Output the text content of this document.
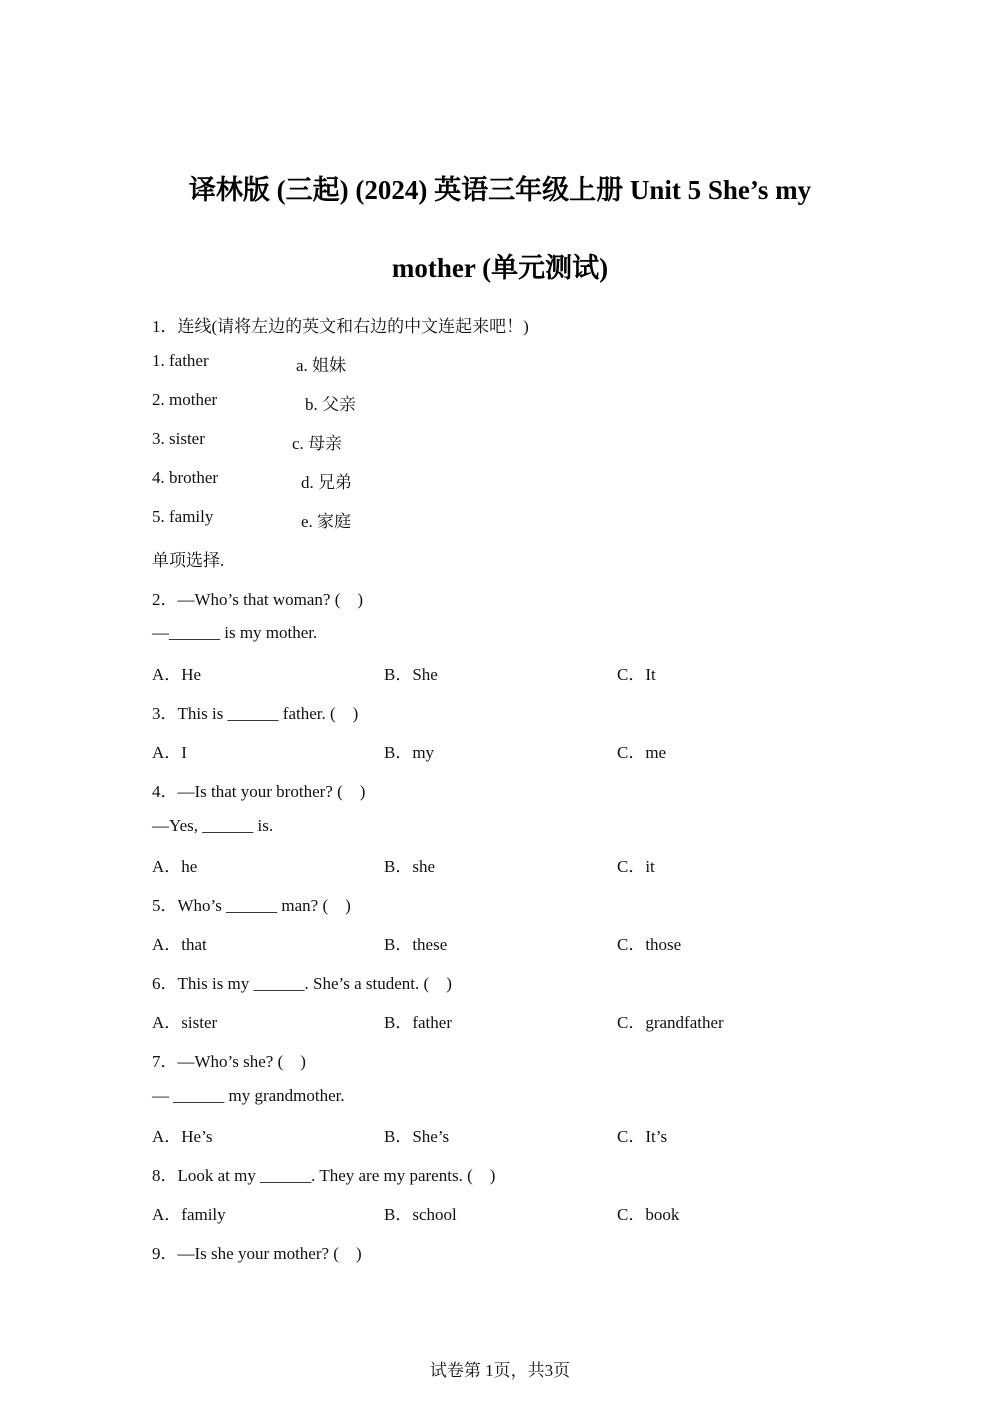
译林版 (三起) (2024) 英语三年级上册 Unit 5 She’s my
mother (单元测试)
1．连线(请将左边的英文和右边的中文连起来吧！)
1. father	a. 姐妹
2. mother	b. 父亲
3. sister	c. 母亲
4. brother	d. 兄弟
5. family	e. 家庭
单项选择.
2．—Who’s that woman? (    )
—______ is my mother.
A．He	B．She	C．It
3．This is ______ father. (    )
A．I	B．my	C．me
4．—Is that your brother? (    )
—Yes, ______ is.
A．he	B．she	C．it
5．Who’s ______ man? (    )
A．that	B．these	C．those
6．This is my ______. She’s a student. (    )
A．sister	B．father	C．grandfather
7．—Who’s she? (    )
— ______ my grandmother.
A．He’s	B．She’s	C．It’s
8．Look at my ______. They are my parents. (    )
A．family	B．school	C．book
9．—Is she your mother? (    )
试卷第 1页，共3页
